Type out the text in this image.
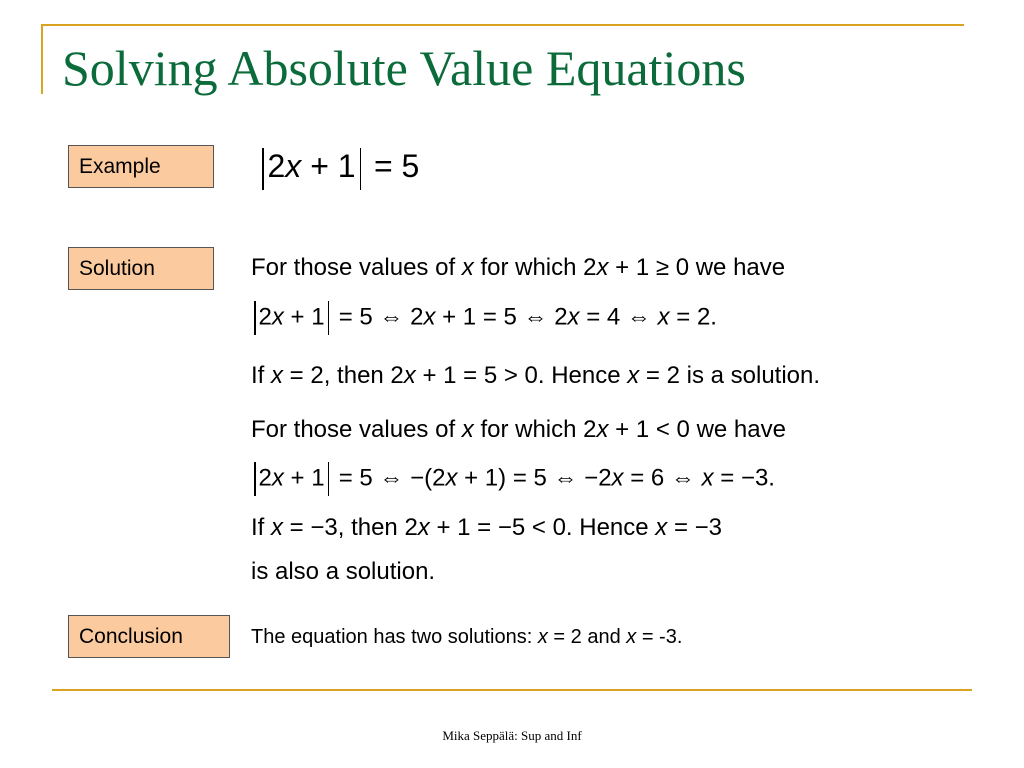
Solving Absolute Value Equations
Example	2x + 1 = 5
Solution	For those values of x for which 2x + 1 ≥ 0 we have
2x + 1 = 5 ⇔ 2x + 1 = 5 ⇔ 2x = 4 ⇔ x = 2.
If x = 2, then 2x + 1 = 5 > 0. Hence x = 2 is a solution.
For those values of x for which 2x + 1 < 0 we have
2x + 1 = 5 ⇔ −(2x + 1) = 5 ⇔ −2x = 6 ⇔ x = −3.
If x = −3, then 2x + 1 = −5 < 0. Hence x = −3
is also a solution.
Conclusion	The equation has two solutions: x = 2 and x = -3.
Mika Seppälä: Sup and Inf
